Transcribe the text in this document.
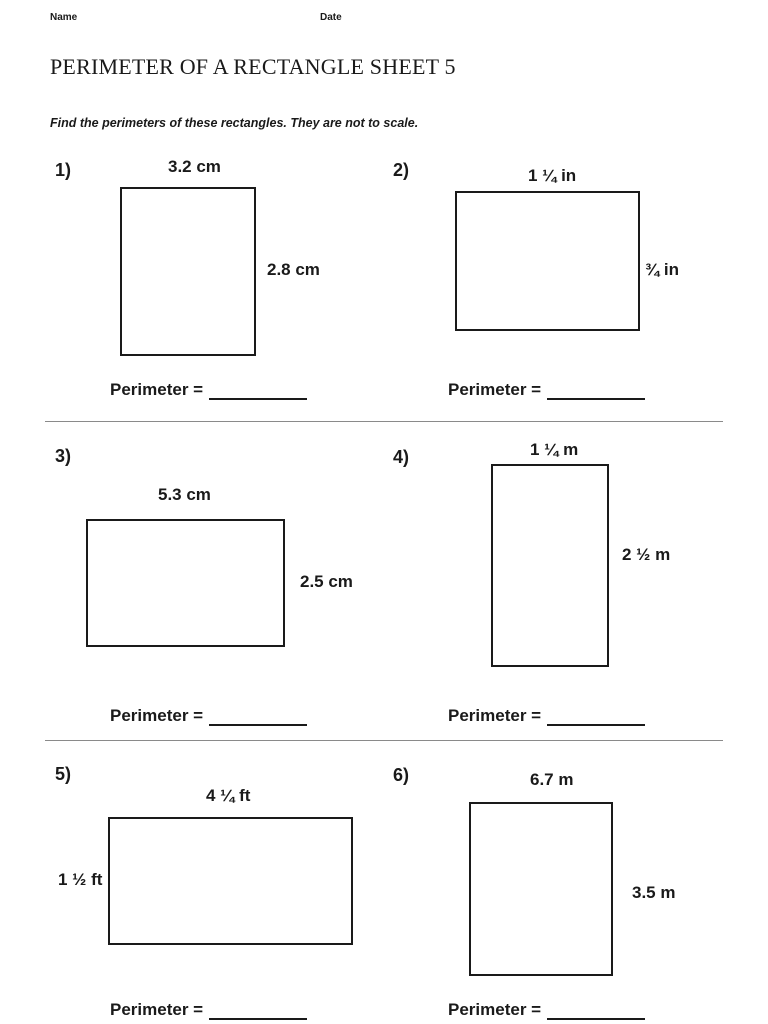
Name	Date
PERIMETER OF A RECTANGLE SHEET 5
Find the perimeters of these rectangles. They are not to scale.
1)	3.2 cm
2.8 cm
Perimeter =
2)	1 ¼ in
¾ in
Perimeter =
3)
5.3 cm
2.5 cm
Perimeter =
4)	1 ¼ m
2 ½ m
Perimeter =
5)
4 ¼ ft
1 ½ ft
Perimeter =
6)	6.7 m
3.5 m
Perimeter =
